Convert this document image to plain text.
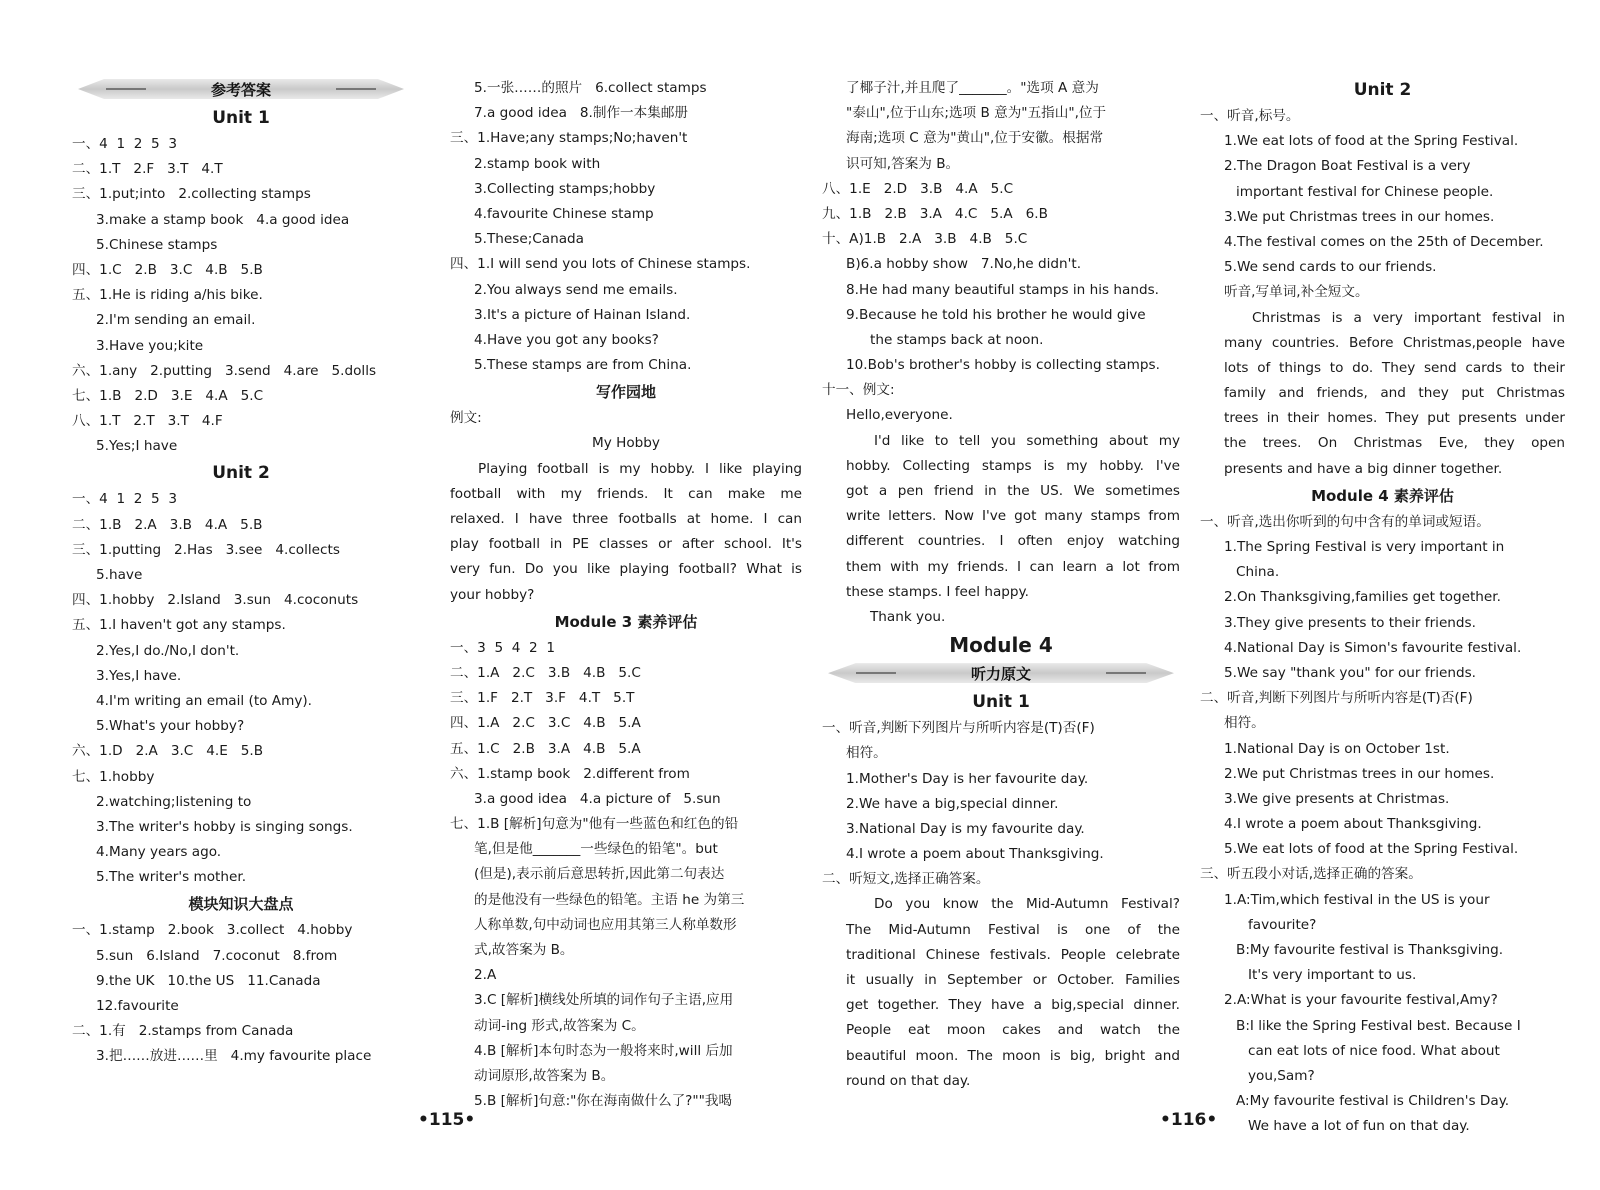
参考答案
Unit 1
一、4  1  2  5  3
二、1.T   2.F   3.T   4.T
三、1.put;into   2.collecting stamps
3.make a stamp book   4.a good idea
5.Chinese stamps
四、1.C   2.B   3.C   4.B   5.B
五、1.He is riding a/his bike.
2.I'm sending an email.
3.Have you;kite
六、1.any   2.putting   3.send   4.are   5.dolls
七、1.B   2.D   3.E   4.A   5.C
八、1.T   2.T   3.T   4.F
5.Yes;I have
Unit 2
一、4  1  2  5  3
二、1.B   2.A   3.B   4.A   5.B
三、1.putting   2.Has   3.see   4.collects
5.have
四、1.hobby   2.Island   3.sun   4.coconuts
五、1.I haven't got any stamps.
2.Yes,I do./No,I don't.
3.Yes,I have.
4.I'm writing an email (to Amy).
5.What's your hobby?
六、1.D   2.A   3.C   4.E   5.B
七、1.hobby
2.watching;listening to
3.The writer's hobby is singing songs.
4.Many years ago.
5.The writer's mother.
模块知识大盘点
一、1.stamp   2.book   3.collect   4.hobby
5.sun   6.Island   7.coconut   8.from
9.the UK   10.the US   11.Canada
12.favourite
二、1.有   2.stamps from Canada
3.把……放进……里   4.my favourite place
5.一张……的照片   6.collect stamps
7.a good idea   8.制作一本集邮册
三、1.Have;any stamps;No;haven't
2.stamp book with
3.Collecting stamps;hobby
4.favourite Chinese stamp
5.These;Canada
四、1.I will send you lots of Chinese stamps.
2.You always send me emails.
3.It's a picture of Hainan Island.
4.Have you got any books?
5.These stamps are from China.
写作园地
例文:
My Hobby
Playing football is my hobby. I like playing
football with my friends. It can make me
relaxed. I have three footballs at home. I can
play football in PE classes or after school. It's
very fun. Do you like playing football? What is
your hobby?
Module 3 素养评估
一、3  5  4  2  1
二、1.A   2.C   3.B   4.B   5.C
三、1.F   2.T   3.F   4.T   5.T
四、1.A   2.C   3.C   4.B   5.A
五、1.C   2.B   3.A   4.B   5.A
六、1.stamp book   2.different from
3.a good idea   4.a picture of   5.sun
七、1.B [解析]句意为"他有一些蓝色和红色的铅
笔,但是他_______一些绿色的铅笔"。but
(但是),表示前后意思转折,因此第二句表达
的是他没有一些绿色的铅笔。主语 he 为第三
人称单数,句中动词也应用其第三人称单数形
式,故答案为 B。
2.A
3.C [解析]横线处所填的词作句子主语,应用
动词-ing 形式,故答案为 C。
4.B [解析]本句时态为一般将来时,will 后加
动词原形,故答案为 B。
5.B [解析]句意:"你在海南做什么了?""我喝
了椰子汁,并且爬了_______。"选项 A 意为
"泰山",位于山东;选项 B 意为"五指山",位于
海南;选项 C 意为"黄山",位于安徽。根据常
识可知,答案为 B。
八、1.E   2.D   3.B   4.A   5.C
九、1.B   2.B   3.A   4.C   5.A   6.B
十、A)1.B   2.A   3.B   4.B   5.C
B)6.a hobby show   7.No,he didn't.
8.He had many beautiful stamps in his hands.
9.Because he told his brother he would give
the stamps back at noon.
10.Bob's brother's hobby is collecting stamps.
十一、例文:
Hello,everyone.
I'd like to tell you something about my
hobby. Collecting stamps is my hobby. I've
got a pen friend in the US. We sometimes
write letters. Now I've got many stamps from
different countries. I often enjoy watching
them with my friends. I can learn a lot from
these stamps. I feel happy.
Thank you.
Module 4
听力原文
Unit 1
一、听音,判断下列图片与所听内容是(T)否(F)
相符。
1.Mother's Day is her favourite day.
2.We have a big,special dinner.
3.National Day is my favourite day.
4.I wrote a poem about Thanksgiving.
二、听短文,选择正确答案。
Do you know the Mid-Autumn Festival?
The Mid-Autumn Festival is one of the
traditional Chinese festivals. People celebrate
it usually in September or October. Families
get together. They have a big,special dinner.
People eat moon cakes and watch the
beautiful moon. The moon is big, bright and
round on that day.
Unit 2
一、听音,标号。
1.We eat lots of food at the Spring Festival.
2.The Dragon Boat Festival is a very
important festival for Chinese people.
3.We put Christmas trees in our homes.
4.The festival comes on the 25th of December.
5.We send cards to our friends.
听音,写单词,补全短文。
Christmas is a very important festival in
many countries. Before Christmas,people have
lots of things to do. They send cards to their
family and friends, and they put Christmas
trees in their homes. They put presents under
the trees. On Christmas Eve, they open
presents and have a big dinner together.
Module 4 素养评估
一、听音,选出你听到的句中含有的单词或短语。
1.The Spring Festival is very important in
China.
2.On Thanksgiving,families get together.
3.They give presents to their friends.
4.National Day is Simon's favourite festival.
5.We say "thank you" for our friends.
二、听音,判断下列图片与所听内容是(T)否(F)
相符。
1.National Day is on October 1st.
2.We put Christmas trees in our homes.
3.We give presents at Christmas.
4.I wrote a poem about Thanksgiving.
5.We eat lots of food at the Spring Festival.
三、听五段小对话,选择正确的答案。
1.A:Tim,which festival in the US is your
favourite?
B:My favourite festival is Thanksgiving.
It's very important to us.
2.A:What is your favourite festival,Amy?
B:I like the Spring Festival best. Because I
can eat lots of nice food. What about
you,Sam?
A:My favourite festival is Children's Day.
We have a lot of fun on that day.
•115•	•116•
